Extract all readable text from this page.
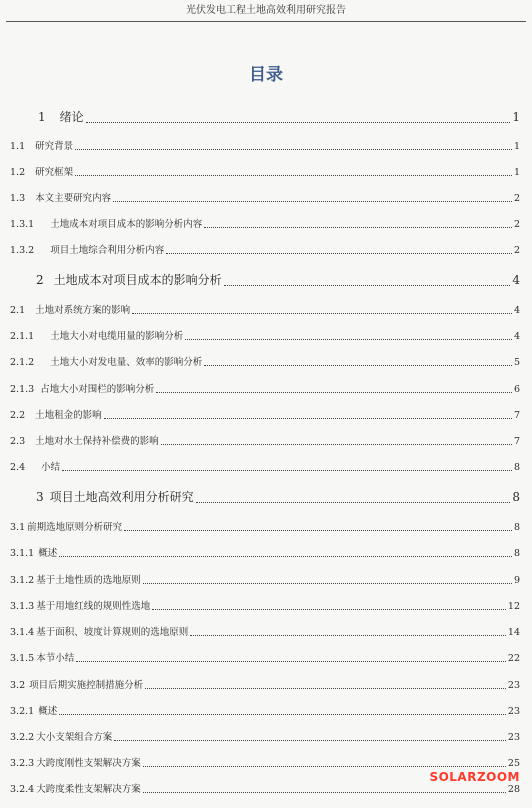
光伏发电工程土地高效利用研究报告
目录
1 绪论	1
1.1 研究背景	1
1.2 研究框架	1
1.3 本文主要研究内容	2
1.3.1 土地成本对项目成本的影响分析内容	2
1.3.2 项目土地综合利用分析内容	2
2 土地成本对项目成本的影响分析	4
2.1 土地对系统方案的影响	4
2.1.1 土地大小对电缆用量的影响分析	4
2.1.2 土地大小对发电量、效率的影响分析	5
2.1.3 占地大小对围栏的影响分析	6
2.2 土地租金的影响	7
2.3 土地对水土保持补偿费的影响	7
2.4 小结	8
3 项目土地高效利用分析研究	8
3.1 前期选地原则分析研究	8
3.1.1 概述	8
3.1.2 基于土地性质的选地原则	9
3.1.3 基于用地红线的规则性选地	12
3.1.4 基于面积、坡度计算规则的选地原则	14
3.1.5 本节小结	22
3.2 项目后期实施控制措施分析	23
3.2.1 概述	23
3.2.2 大小支架组合方案	23
3.2.3 大跨度刚性支架解决方案	25
3.2.4 大跨度柔性支架解决方案	28
SOLARZOOM
